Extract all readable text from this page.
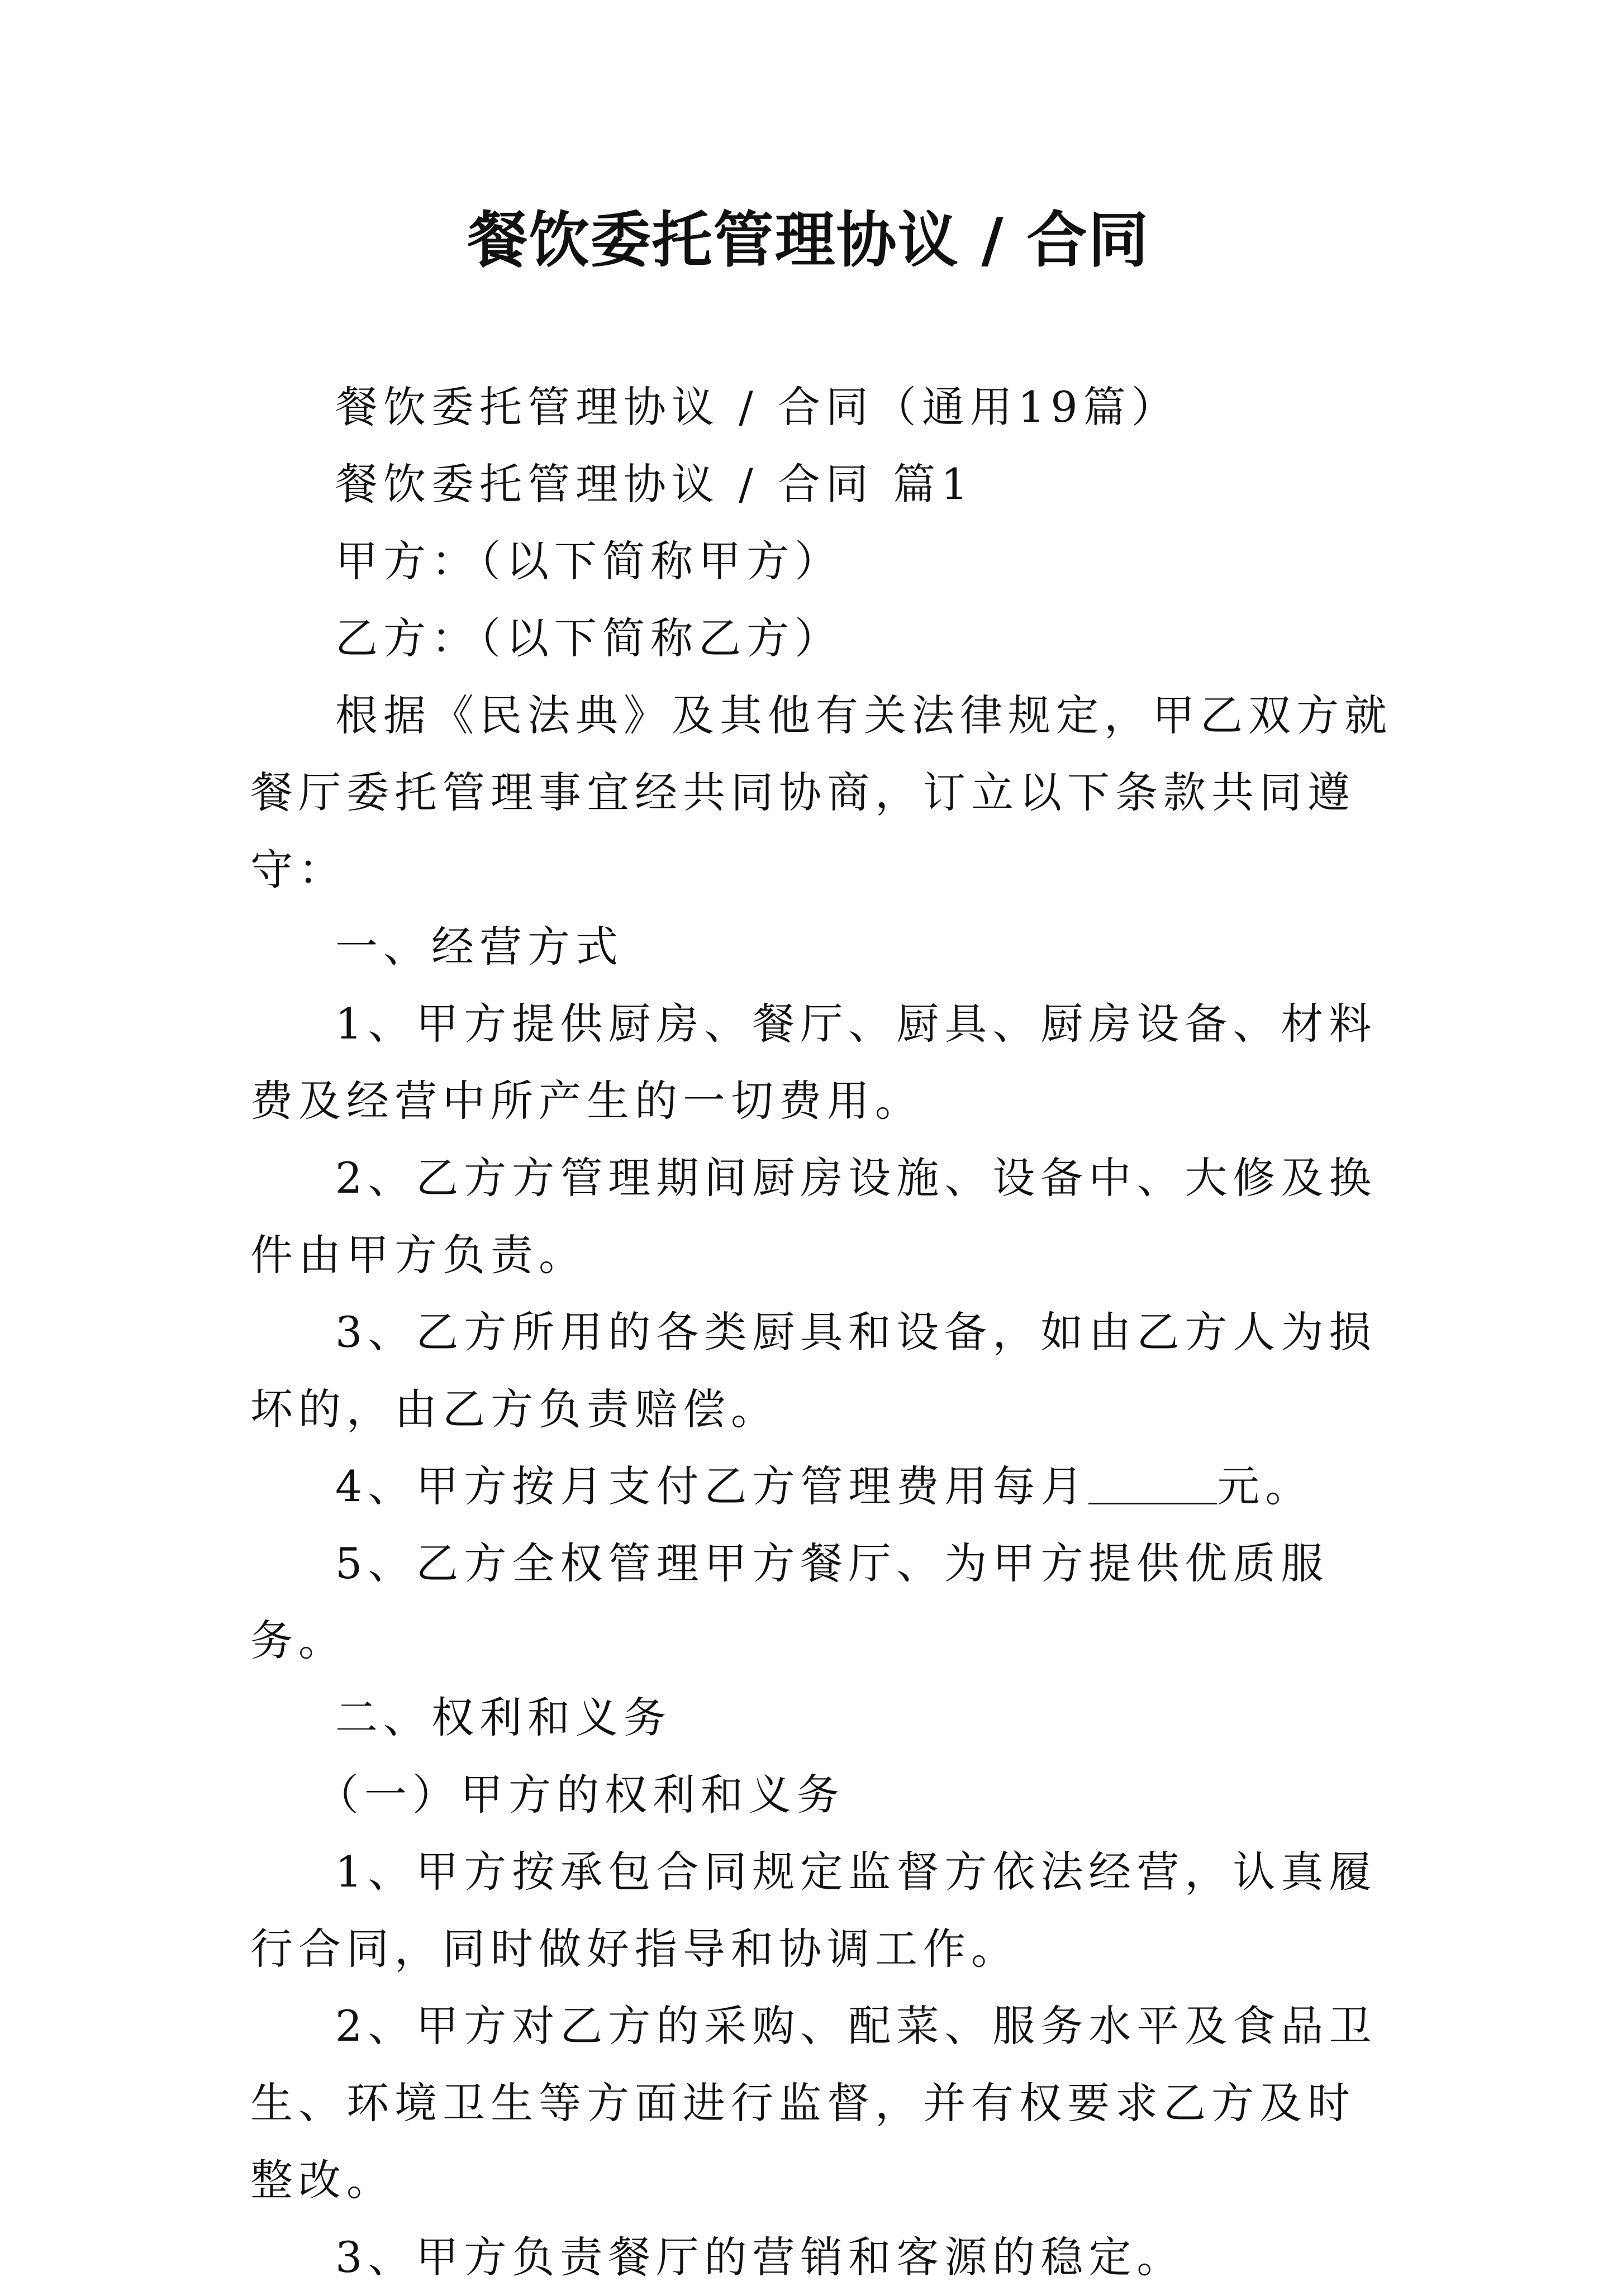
餐饮委托管理协议 / 合同

餐饮委托管理协议 / 合同（通用19篇）

餐饮委托管理协议 / 合同 篇1

甲方：（以下简称甲方）

乙方：（以下简称乙方）

根据《民法典》及其他有关法律规定，甲乙双方就餐厅委托管理事宜经共同协商，订立以下条款共同遵守：

一、经营方式

1、甲方提供厨房、餐厅、厨具、厨房设备、材料费及经营中所产生的一切费用。

2、乙方方管理期间厨房设施、设备中、大修及换件由甲方负责。

3、乙方所用的各类厨具和设备，如由乙方人为损坏的，由乙方负责赔偿。

4、甲方按月支付乙方管理费用每月	元。

5、乙方全权管理甲方餐厅、为甲方提供优质服务。

二、权利和义务

（一）甲方的权利和义务

1、甲方按承包合同规定监督方依法经营，认真履行合同，同时做好指导和协调工作。

2、甲方对乙方的采购、配菜、服务水平及食品卫生、环境卫生等方面进行监督，并有权要求乙方及时整改。

3、甲方负责餐厅的营销和客源的稳定。
